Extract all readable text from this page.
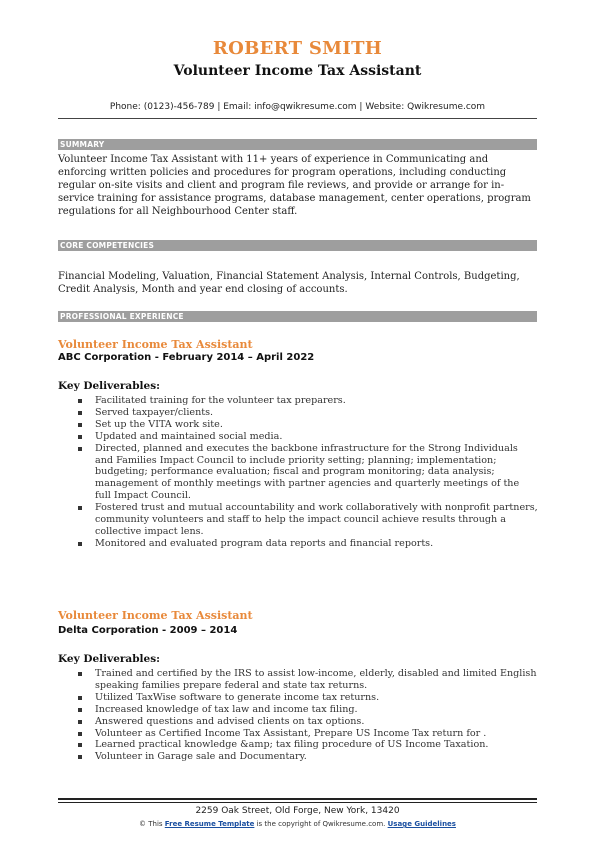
ROBERT SMITH
Volunteer Income Tax Assistant
Phone: (0123)-456-789 | Email: info@qwikresume.com | Website: Qwikresume.com
SUMMARY

Volunteer Income Tax Assistant with 11+ years of experience in Communicating and enforcing written policies and procedures for program operations, including conducting regular on-site visits and client and program file reviews, and provide or arrange for in-service training for assistance programs, database management, center operations, program regulations for all Neighbourhood Center staff.

CORE COMPETENCIES

Financial Modeling, Valuation, Financial Statement Analysis, Internal Controls, Budgeting, Credit Analysis, Month and year end closing of accounts.

PROFESSIONAL EXPERIENCE
Volunteer Income Tax Assistant
ABC Corporation - February 2014 – April 2022
Key Deliverables:
Facilitated training for the volunteer tax preparers.
Served taxpayer/clients.
Set up the VITA work site.
Updated and maintained social media.
Directed, planned and executes the backbone infrastructure for the Strong Individuals and Families Impact Council to include priority setting; planning; implementation; budgeting; performance evaluation; fiscal and program monitoring; data analysis; management of monthly meetings with partner agencies and quarterly meetings of the full Impact Council.
Fostered trust and mutual accountability and work collaboratively with nonprofit partners, community volunteers and staff to help the impact council achieve results through a collective impact lens.
Monitored and evaluated program data reports and financial reports.
Volunteer Income Tax Assistant
Delta Corporation - 2009 – 2014
Key Deliverables:
Trained and certified by the IRS to assist low-income, elderly, disabled and limited English speaking families prepare federal and state tax returns.
Utilized TaxWise software to generate income tax returns.
Increased knowledge of tax law and income tax filing.
Answered questions and advised clients on tax options.
Volunteer as Certified Income Tax Assistant, Prepare US Income Tax return for .
Learned practical knowledge &amp; tax filing procedure of US Income Taxation.
Volunteer in Garage sale and Documentary.
2259 Oak Street, Old Forge, New York, 13420
© This Free Resume Template is the copyright of Qwikresume.com. Usage Guidelines
